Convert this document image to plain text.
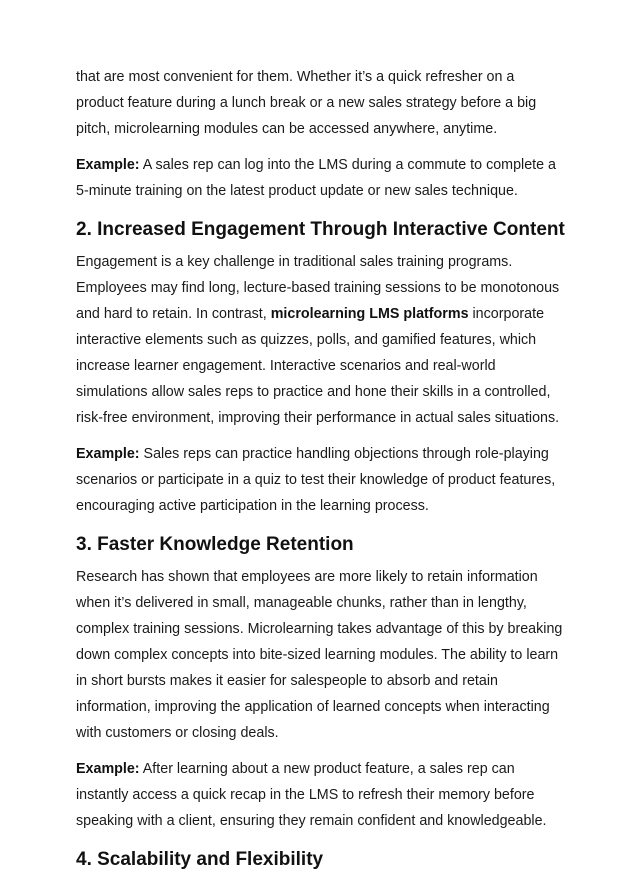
that are most convenient for them. Whether it’s a quick refresher on a product feature during a lunch break or a new sales strategy before a big pitch, microlearning modules can be accessed anywhere, anytime.

Example: A sales rep can log into the LMS during a commute to complete a 5-minute training on the latest product update or new sales technique.

2. Increased Engagement Through Interactive Content

Engagement is a key challenge in traditional sales training programs. Employees may find long, lecture-based training sessions to be monotonous and hard to retain. In contrast, microlearning LMS platforms incorporate interactive elements such as quizzes, polls, and gamified features, which increase learner engagement. Interactive scenarios and real-world simulations allow sales reps to practice and hone their skills in a controlled, risk-free environment, improving their performance in actual sales situations.

Example: Sales reps can practice handling objections through role-playing scenarios or participate in a quiz to test their knowledge of product features, encouraging active participation in the learning process.

3. Faster Knowledge Retention

Research has shown that employees are more likely to retain information when it’s delivered in small, manageable chunks, rather than in lengthy, complex training sessions. Microlearning takes advantage of this by breaking down complex concepts into bite-sized learning modules. The ability to learn in short bursts makes it easier for salespeople to absorb and retain information, improving the application of learned concepts when interacting with customers or closing deals.

Example: After learning about a new product feature, a sales rep can instantly access a quick recap in the LMS to refresh their memory before speaking with a client, ensuring they remain confident and knowledgeable.

4. Scalability and Flexibility
